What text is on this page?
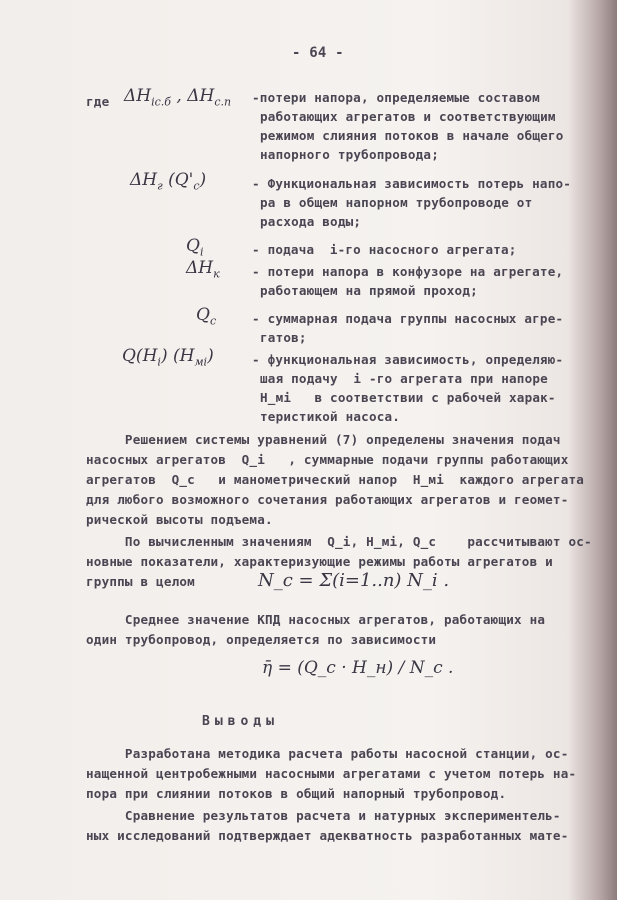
- 64 -
где $\Delta H_{ic.б}$ , $\Delta H_{c.п}$ -потери напора, определяемые составом
работающих агрегатов и соответствующим
режимом слияния потоков в начале общего
напорного трубопровода;
$\Delta H_г$ $(Q'_c)$	- Функциональная зависимость потерь напо-
ра в общем напорном трубопроводе от
расхода воды;
$Q_i$	- подача  i-го насосного агрегата;
$\Delta H_к$	- потери напора в конфузоре на агрегате,
работающем на прямой проход;
$Q_c$	- суммарная подача группы насосных агре-
гатов;
$Q(H_i)$ $(H_{мi})$	- функциональная зависимость, определяю-
шая подачу  i -го агрегата при напоре
H_мi   в соответствии с рабочей харак-
теристикой насоса.
Решением системы уравнений (7) определены значения подач
насосных агрегатов  Q_i   , суммарные подачи группы работающих
агрегатов  Q_c   и манометрический напор  H_мi  каждого агрегата
для любого возможного сочетания работающих агрегатов и геомет-
рической высоты подъема.
По вычисленным значениям  Q_i, H_мi, Q_c    рассчитывают ос-
новные показатели, характеризующие режимы работы агрегатов и
группы в целом	N_c = Σ(i=1..n) N_i .
Среднее значение КПД насосных агрегатов, работающих на
один трубопровод, определяется по зависимости
η̄ = (Q_c · H_н) / N_c .
Выводы
Разработана методика расчета работы насосной станции, ос-
нащенной центробежными насосными агрегатами с учетом потерь на-
пора при слиянии потоков в общий напорный трубопровод.
Сравнение результатов расчета и натурных экспериментель-
ных исследований подтверждает адекватность разработанных мате-
